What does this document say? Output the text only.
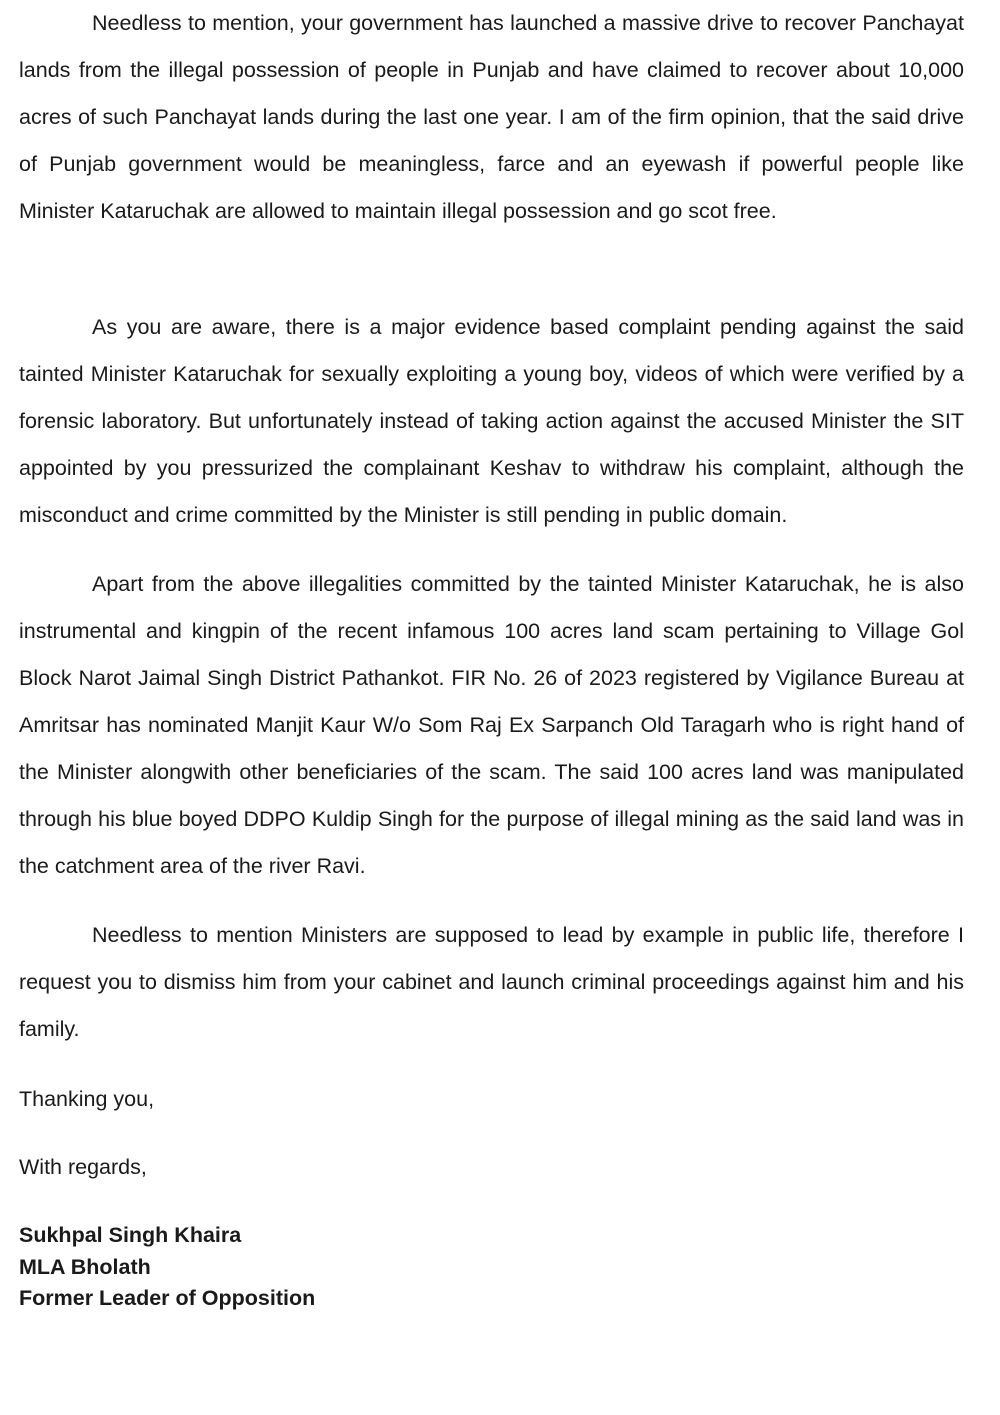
Needless to mention, your government has launched a massive drive to recover Panchayat lands from the illegal possession of people in Punjab and have claimed to recover about 10,000 acres of such Panchayat lands during the last one year. I am of the firm opinion, that the said drive of Punjab government would be meaningless, farce and an eyewash if powerful people like Minister Kataruchak are allowed to maintain illegal possession and go scot free.

As you are aware, there is a major evidence based complaint pending against the said tainted Minister Kataruchak for sexually exploiting a young boy, videos of which were verified by a forensic laboratory. But unfortunately instead of taking action against the accused Minister the SIT appointed by you pressurized the complainant Keshav to withdraw his complaint, although the misconduct and crime committed by the Minister is still pending in public domain.

Apart from the above illegalities committed by the tainted Minister Kataruchak, he is also instrumental and kingpin of the recent infamous 100 acres land scam pertaining to Village Gol Block Narot Jaimal Singh District Pathankot. FIR No. 26 of 2023 registered by Vigilance Bureau at Amritsar has nominated Manjit Kaur W/o Som Raj Ex Sarpanch Old Taragarh who is right hand of the Minister alongwith other beneficiaries of the scam. The said 100 acres land was manipulated through his blue boyed DDPO Kuldip Singh for the purpose of illegal mining as the said land was in the catchment area of the river Ravi.

Needless to mention Ministers are supposed to lead by example in public life, therefore I request you to dismiss him from your cabinet and launch criminal proceedings against him and his family.

Thanking you,

With regards,

Sukhpal Singh Khaira

MLA Bholath

Former Leader of Opposition
